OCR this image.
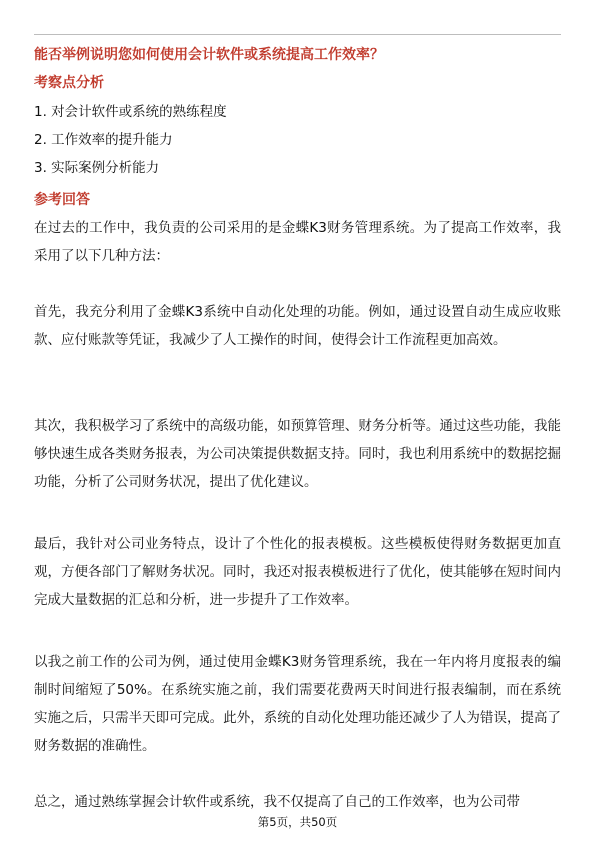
能否举例说明您如何使用会计软件或系统提高工作效率？
考察点分析
1. 对会计软件或系统的熟练程度
2. 工作效率的提升能力
3. 实际案例分析能力
参考回答
在过去的工作中，我负责的公司采用的是金蝶K3财务管理系统。为了提高工作效率，我采用了以下几种方法：
首先，我充分利用了金蝶K3系统中自动化处理的功能。例如，通过设置自动生成应收账款、应付账款等凭证，我减少了人工操作的时间，使得会计工作流程更加高效。
其次，我积极学习了系统中的高级功能，如预算管理、财务分析等。通过这些功能，我能够快速生成各类财务报表，为公司决策提供数据支持。同时，我也利用系统中的数据挖掘功能，分析了公司财务状况，提出了优化建议。
最后，我针对公司业务特点，设计了个性化的报表模板。这些模板使得财务数据更加直观，方便各部门了解财务状况。同时，我还对报表模板进行了优化，使其能够在短时间内完成大量数据的汇总和分析，进一步提升了工作效率。
以我之前工作的公司为例，通过使用金蝶K3财务管理系统，我在一年内将月度报表的编制时间缩短了50%。在系统实施之前，我们需要花费两天时间进行报表编制，而在系统实施之后，只需半天即可完成。此外，系统的自动化处理功能还减少了人为错误，提高了财务数据的准确性。
总之，通过熟练掌握会计软件或系统，我不仅提高了自己的工作效率，也为公司带
第5页，共50页
